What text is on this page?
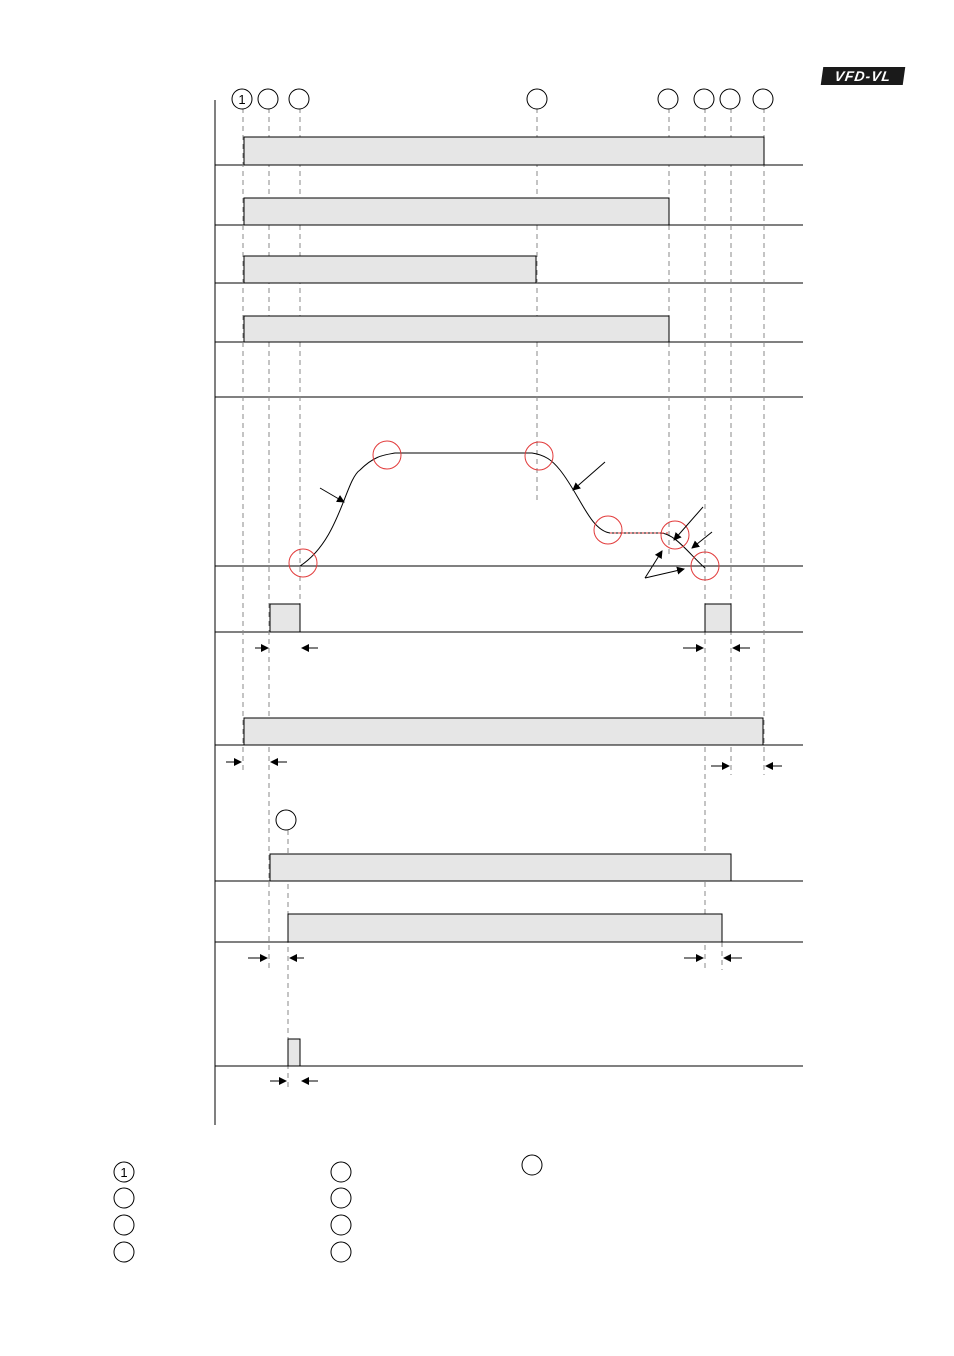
VFD-VL
1
1
